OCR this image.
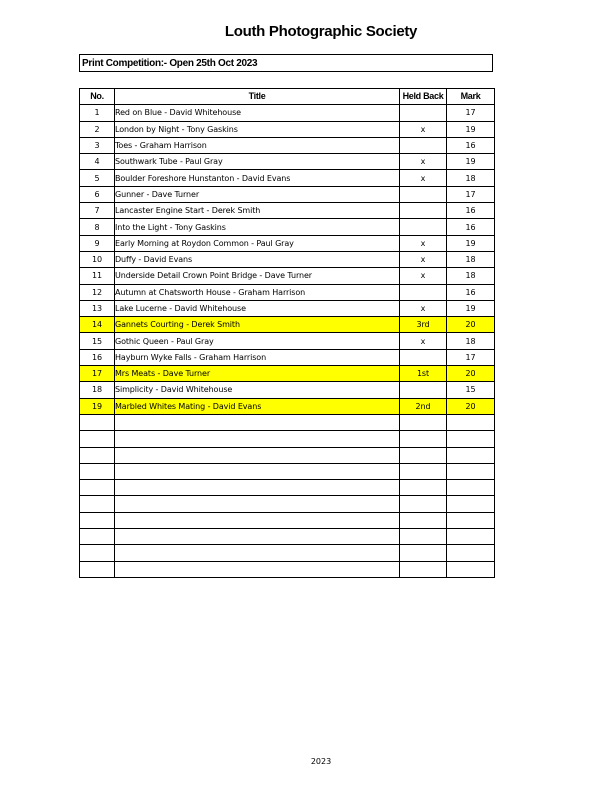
Louth Photographic Society
Print Competition:- Open 25th Oct 2023
No.	Title	Held Back	Mark
1	Red on Blue - David Whitehouse		17
2	London by Night - Tony Gaskins	x	19
3	Toes - Graham Harrison		16
4	Southwark Tube - Paul Gray	x	19
5	Boulder Foreshore Hunstanton - David Evans	x	18
6	Gunner - Dave Turner		17
7	Lancaster Engine Start - Derek Smith		16
8	Into the Light - Tony Gaskins		16
9	Early Morning at Roydon Common - Paul Gray	x	19
10	Duffy - David Evans	x	18
11	Underside Detail Crown Point Bridge - Dave Turner	x	18
12	Autumn at Chatsworth House - Graham Harrison		16
13	Lake Lucerne - David Whitehouse	x	19
14	Gannets Courting - Derek Smith	3rd	20
15	Gothic Queen - Paul Gray	x	18
16	Hayburn Wyke Falls - Graham Harrison		17
17	Mrs Meats - Dave Turner	1st	20
18	Simplicity - David Whitehouse		15
19	Marbled Whites Mating - David Evans	2nd	20

2023
